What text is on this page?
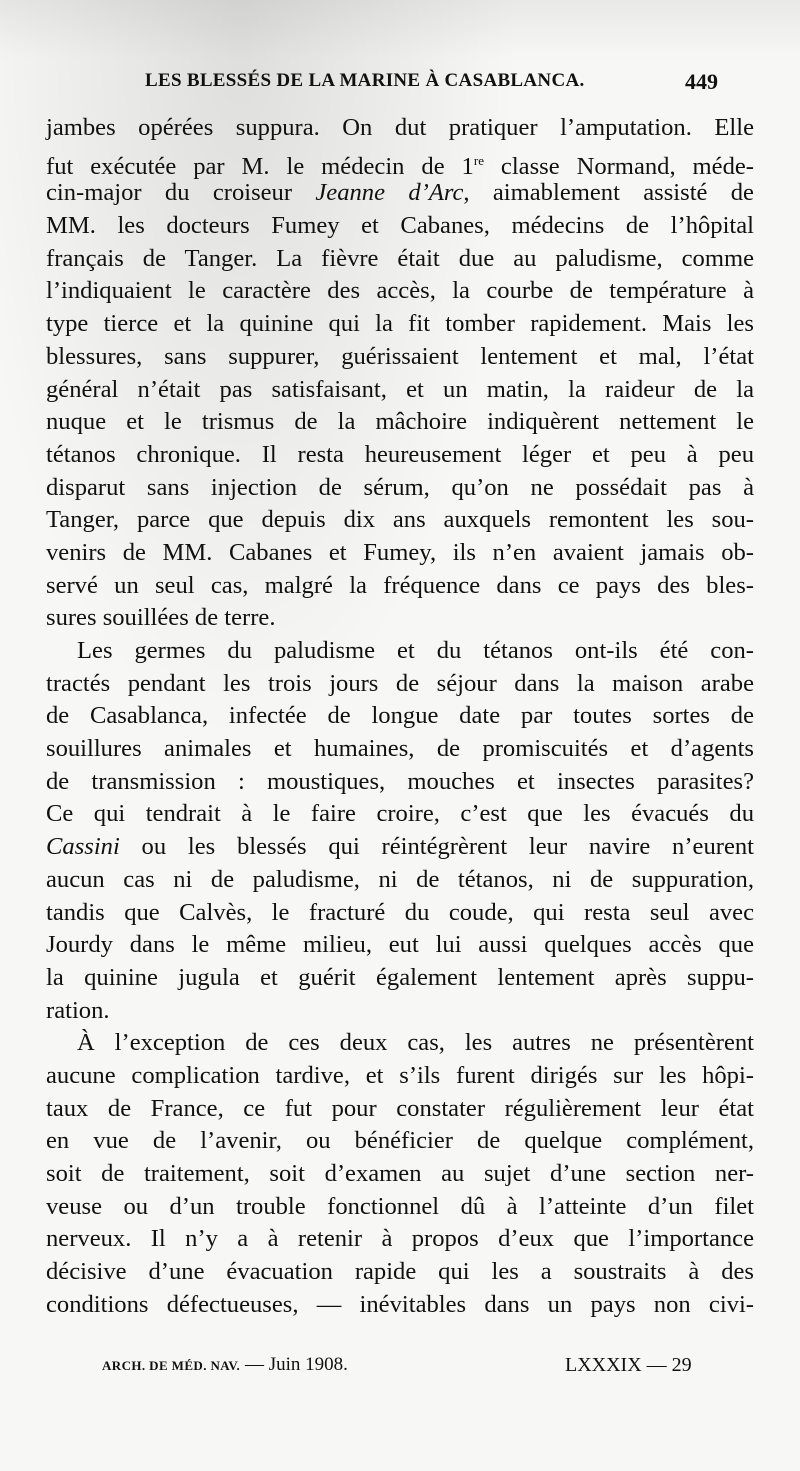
LES BLESSÉS DE LA MARINE À CASABLANCA.	449
jambes opérées suppura. On dut pratiquer l’amputation. Elle
fut exécutée par M. le médecin de 1re classe Normand, méde-
cin-major du croiseur Jeanne d’Arc, aimablement assisté de
MM. les docteurs Fumey et Cabanes, médecins de l’hôpital
français de Tanger. La fièvre était due au paludisme, comme
l’indiquaient le caractère des accès, la courbe de température à
type tierce et la quinine qui la fit tomber rapidement. Mais les
blessures, sans suppurer, guérissaient lentement et mal, l’état
général n’était pas satisfaisant, et un matin, la raideur de la
nuque et le trismus de la mâchoire indiquèrent nettement le
tétanos chronique. Il resta heureusement léger et peu à peu
disparut sans injection de sérum, qu’on ne possédait pas à
Tanger, parce que depuis dix ans auxquels remontent les sou-
venirs de MM. Cabanes et Fumey, ils n’en avaient jamais ob-
servé un seul cas, malgré la fréquence dans ce pays des bles-
sures souillées de terre.
Les germes du paludisme et du tétanos ont-ils été con-
tractés pendant les trois jours de séjour dans la maison arabe
de Casablanca, infectée de longue date par toutes sortes de
souillures animales et humaines, de promiscuités et d’agents
de transmission : moustiques, mouches et insectes parasites?
Ce qui tendrait à le faire croire, c’est que les évacués du
Cassini ou les blessés qui réintégrèrent leur navire n’eurent
aucun cas ni de paludisme, ni de tétanos, ni de suppuration,
tandis que Calvès, le fracturé du coude, qui resta seul avec
Jourdy dans le même milieu, eut lui aussi quelques accès que
la quinine jugula et guérit également lentement après suppu-
ration.
À l’exception de ces deux cas, les autres ne présentèrent
aucune complication tardive, et s’ils furent dirigés sur les hôpi-
taux de France, ce fut pour constater régulièrement leur état
en vue de l’avenir, ou bénéficier de quelque complément,
soit de traitement, soit d’examen au sujet d’une section ner-
veuse ou d’un trouble fonctionnel dû à l’atteinte d’un filet
nerveux. Il n’y a à retenir à propos d’eux que l’importance
décisive d’une évacuation rapide qui les a soustraits à des
conditions défectueuses, — inévitables dans un pays non civi-
ARCH. DE MÉD. NAV. — Juin 1908.	LXXXIX — 29
